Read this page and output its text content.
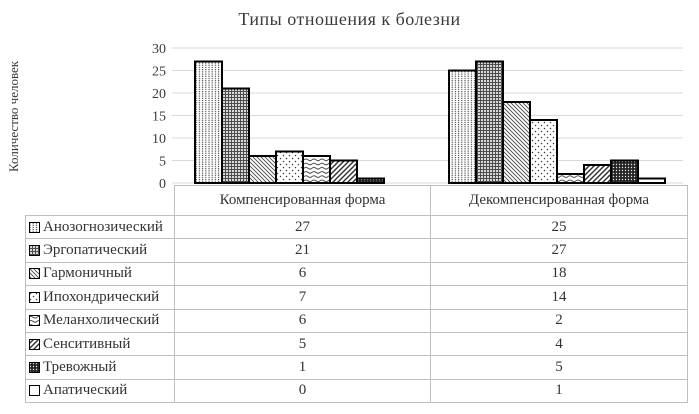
Типы отношения к болезни
Количество человек
0
5
10
15
20
25
30
Компенсированная форма	Декомпенсированная форма
Анозогнозический	27	25
Эргопатический	21	27
Гармоничный	6	18
Ипохондрический	7	14
Меланхолический	6	2
Сенситивный	5	4
Тревожный	1	5
Апатический	0	1
